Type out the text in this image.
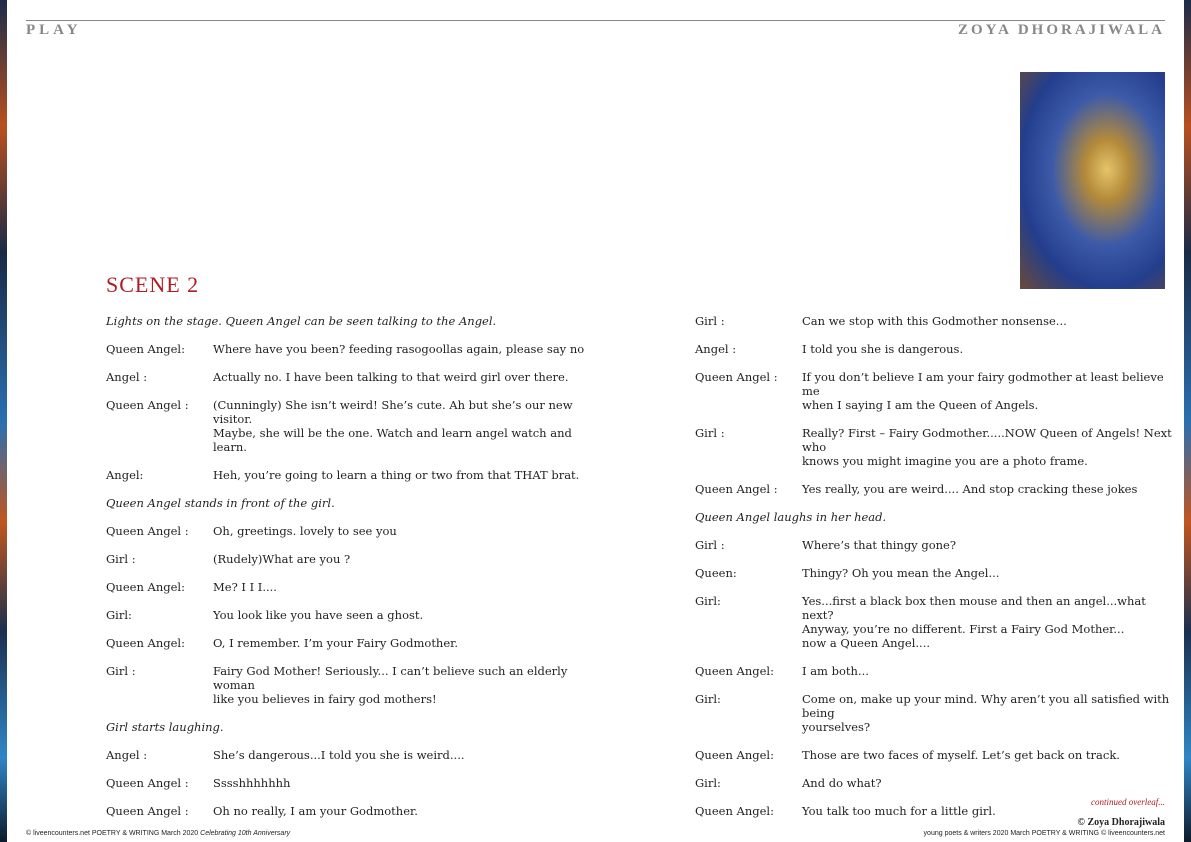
PLAY	ZOYA DHORAJIWALA
SCENE 2
Lights on the stage. Queen Angel can be seen talking to the Angel.
Queen Angel:	Where have you been? feeding rasogoollas again, please say no
Angel :	Actually no. I have been talking to that weird girl over there.
Queen Angel :	(Cunningly) She isn’t weird! She’s cute. Ah but she’s our new visitor.
Maybe, she will be the one. Watch and learn angel watch and learn.
Angel:	Heh, you’re going to learn a thing or two from that THAT brat.
Queen Angel stands in front of the girl.
Queen Angel :	Oh, greetings. lovely to see you
Girl :	(Rudely)What are you ?
Queen Angel:	Me? I I I....
Girl:	You look like you have seen a ghost.
Queen Angel:	O, I remember. I’m your Fairy Godmother.
Girl :	Fairy God Mother! Seriously... I can’t believe such an elderly woman
like you believes in fairy god mothers!
Girl starts laughing.
Angel :	She’s dangerous...I told you she is weird....
Queen Angel :	Sssshhhhhhh
Queen Angel :	Oh no really, I am your Godmother.
Girl :	Can we stop with this Godmother nonsense...
Angel :	I told you she is dangerous.
Queen Angel :	If you don’t believe I am your fairy godmother at least believe me
when I saying I am the Queen of Angels.
Girl :	Really? First – Fairy Godmother.....NOW Queen of Angels! Next who
knows you might imagine you are a photo frame.
Queen Angel :	Yes really, you are weird.... And stop cracking these jokes
Queen Angel laughs in her head.
Girl :	Where’s that thingy gone?
Queen:	Thingy? Oh you mean the Angel...
Girl:	Yes...first a black box then mouse and then an angel...what next?
Anyway, you’re no different. First a Fairy God Mother...
now a Queen Angel....
Queen Angel:	I am both...
Girl:	Come on, make up your mind. Why aren’t you all satisfied with being
yourselves?
Queen Angel:	Those are two faces of myself. Let’s get back on track.
Girl:	And do what?
Queen Angel:	You talk too much for a little girl.
continued overleaf...
© Zoya Dhorajiwala
© liveencounters.net POETRY & WRITING March 2020 Celebrating 10th Anniversary	young poets & writers 2020 March POETRY & WRITING © liveencounters.net
